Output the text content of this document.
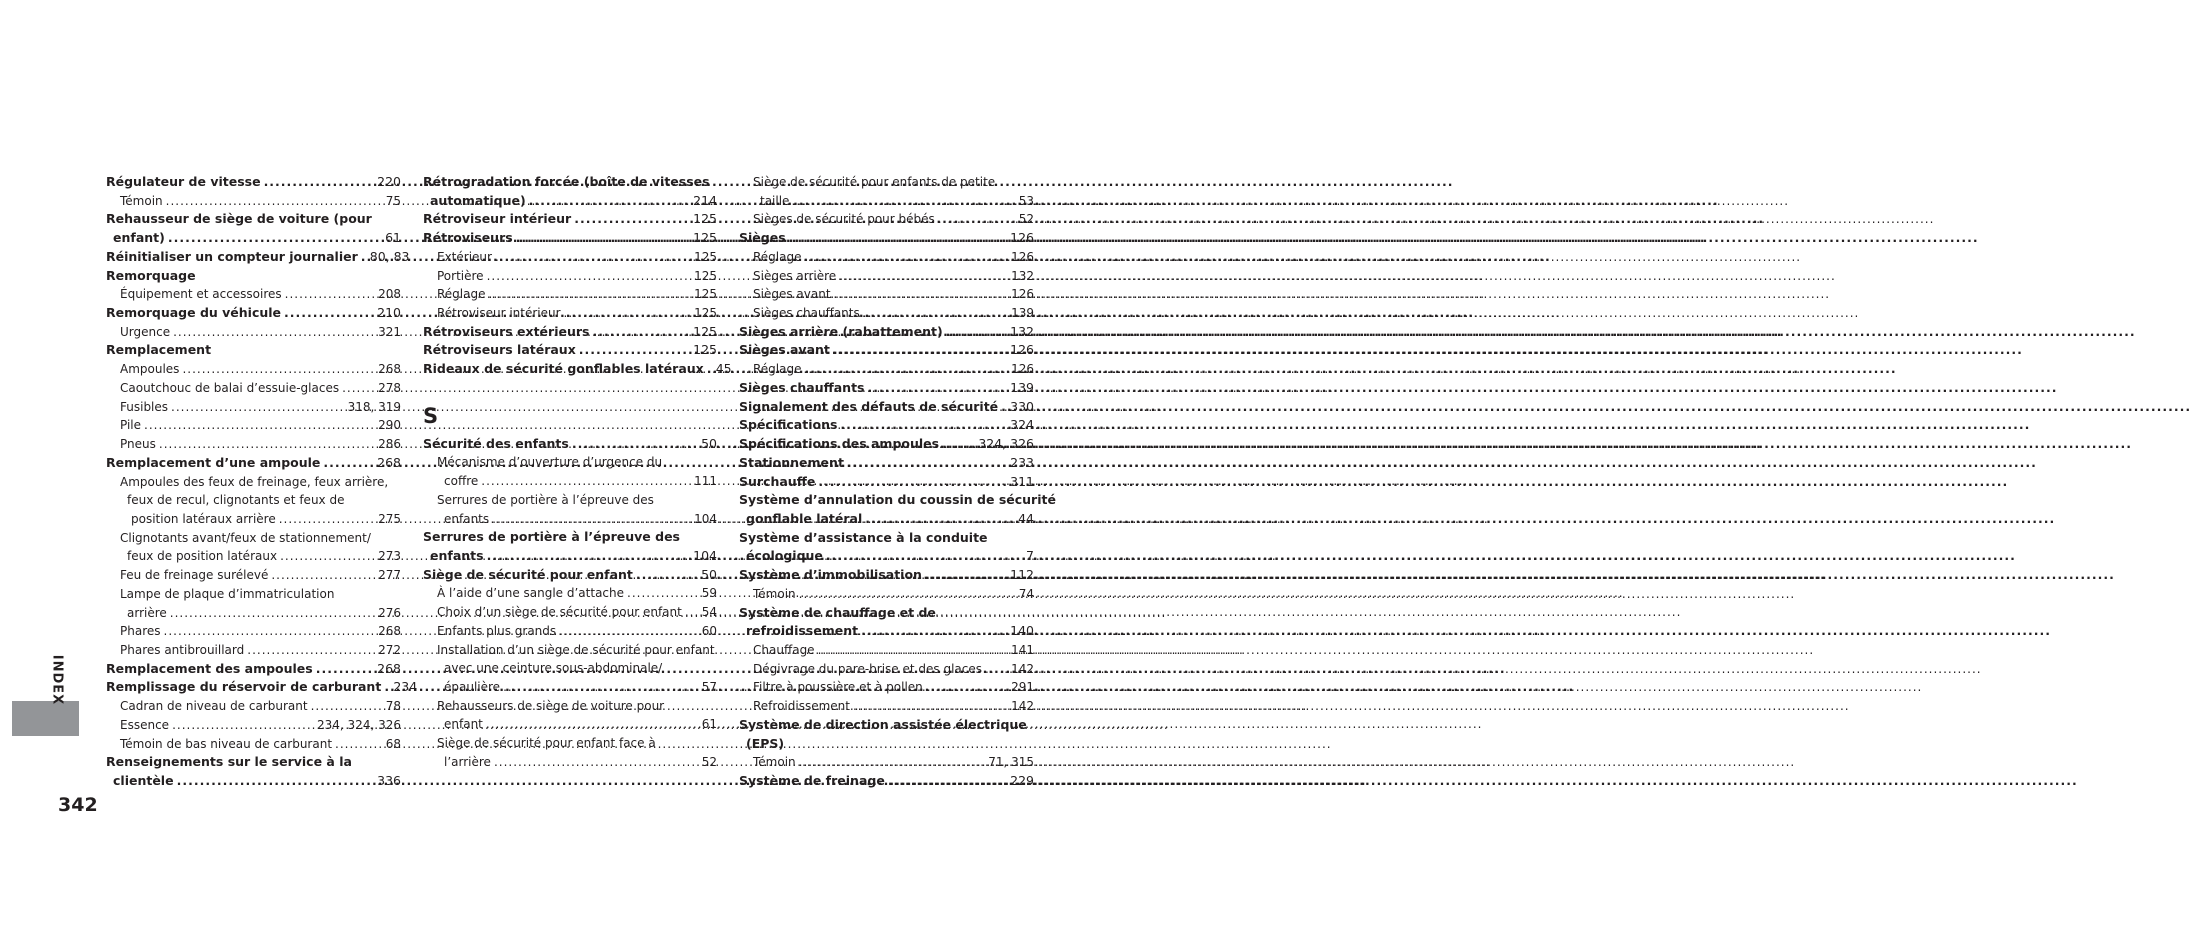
Régulateur de vitesse .....	220
Témoin .....	75
Rehausseur de siège de voiture (pour
enfant) .....	61
Réinitialiser un compteur journalier ..... 80, 83
Remorquage
Équipement et accessoires .....	208
Remorquage du véhicule .....	210
Urgence .....	321
Remplacement
Ampoules .....	268
Caoutchouc de balai d’essuie-glaces .....	278
Fusibles .....	318, 319
Pile .....	290
Pneus .....	286
Remplacement d’une ampoule .....	268
Ampoules des feux de freinage, feux arrière,
feux de recul, clignotants et feux de
position latéraux arrière .....	275
Clignotants avant/feux de stationnement/
feux de position latéraux .....	273
Feu de freinage surélevé .....	277
Lampe de plaque d’immatriculation
arrière .....	276
Phares .....	268
Phares antibrouillard .....	272
Remplacement des ampoules .....	268
Remplissage du réservoir de carburant ..... 234
Cadran de niveau de carburant .....	78
Essence .....	234, 324, 326
Témoin de bas niveau de carburant .....	68
Renseignements sur le service à la
clientèle .....	336
Rétrogradation forcée (boîte de vitesses
automatique) .....	214
Rétroviseur intérieur .....	125
Rétroviseurs .....	125
Extérieur .....	125
Portière .....	125
Réglage .....	125
Rétroviseur intérieur .....	125
Rétroviseurs extérieurs .....	125
Rétroviseurs latéraux .....	125
Rideaux de sécurité gonflables latéraux ..... 45
S
Sécurité des enfants .....	50
Mécanisme d’ouverture d’urgence du
coffre .....	111
Serrures de portière à l’épreuve des
enfants .....	104
Serrures de portière à l’épreuve des
enfants .....	104
Siège de sécurité pour enfant .....	50
À l’aide d’une sangle d’attache .....	59
Choix d’un siège de sécurité pour enfant ..... 54
Enfants plus grands .....	60
Installation d’un siège de sécurité pour enfant
avec une ceinture sous-abdominale/
épaulière .....	57
Rehausseurs de siège de voiture pour
enfant .....	61
Siège de sécurité pour enfant face à
l’arrière .....	52
Siège de sécurité pour enfants de petite
taille .....	53
Sièges de sécurité pour bébés .....	52
Sièges .....	126
Réglage .....	126
Sièges arrière .....	132
Sièges avant .....	126
Sièges chauffants .....	139
Sièges arrière (rabattement) .....	132
Sièges avant .....	126
Réglage .....	126
Sièges chauffants .....	139
Signalement des défauts de sécurité ..... 330
Spécifications .....	324
Spécifications des ampoules .....	324, 326
Stationnement .....	233
Surchauffe .....	311
Système d’annulation du coussin de sécurité
gonflable latéral .....	44
Système d’assistance à la conduite
écologique .....	7
Système d’immobilisation .....	112
Témoin .....	74
Système de chauffage et de
refroidissement .....	140
Chauffage .....	141
Dégivrage du pare-brise et des glaces ..... 142
Filtre à poussière et à pollen .....	291
Refroidissement .....	142
Système de direction assistée électrique
(EPS)
Témoin .....	71, 315
Système de freinage .....	229
INDEX
342
